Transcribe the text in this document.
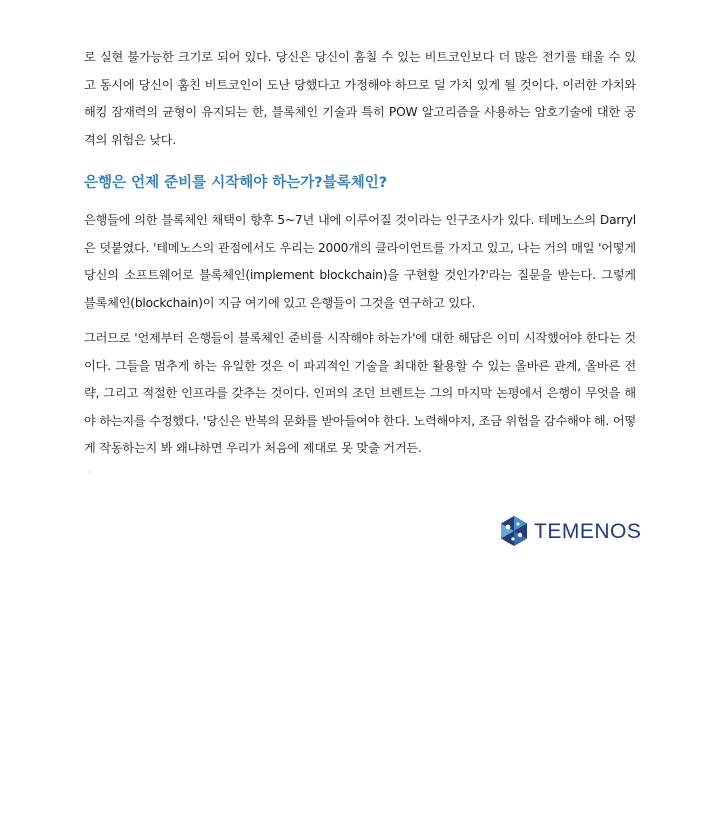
로 실현 불가능한 크기로 되어 있다. 당신은 당신이 훔칠 수 있는 비트코인보다 더 많은 전기를 태울 수 있고 동시에 당신이 훔친 비트코인이 도난 당했다고 가정해야 하므로 덜 가치 있게 될 것이다. 이러한 가치와 해킹 잠재력의 균형이 유지되는 한, 블록체인 기술과 특히 POW 알고리즘을 사용하는 암호기술에 대한 공격의 위험은 낮다.

은행은 언제 준비를 시작해야 하는가?블록체인?

은행들에 의한 블록체인 채택이 향후 5~7년 내에 이루어질 것이라는 인구조사가 있다. 테메노스의 Darryl은 덧붙였다. '테메노스의 관점에서도 우리는 2000개의 클라이언트를 가지고 있고, 나는 거의 매일 '어떻게 당신의 소프트웨어로 블록체인(implement blockchain)을 구현할 것인가?'라는 질문을 받는다. 그렇게 블록체인(blockchain)이 지금 여기에 있고 은행들이 그것을 연구하고 있다.

그러므로 '언제부터 은행들이 블록체인 준비를 시작해야 하는가'에 대한 해답은 이미 시작했어야 한다는 것이다. 그들을 멈추게 하는 유일한 것은 이 파괴적인 기술을 최대한 활용할 수 있는 올바른 관계, 올바른 전략, 그리고 적절한 인프라를 갖추는 것이다. 인퍼의 조던 브렌트는 그의 마지막 논평에서 은행이 무엇을 해야 하는지를 수정했다. '당신은 반복의 문화를 받아들여야 한다. 노력해야지, 조금 위험을 감수해야 해. 어떻게 작동하는지 봐 왜냐하면 우리가 처음에 제대로 못 맞출 거거든.

·
TEMENOS
